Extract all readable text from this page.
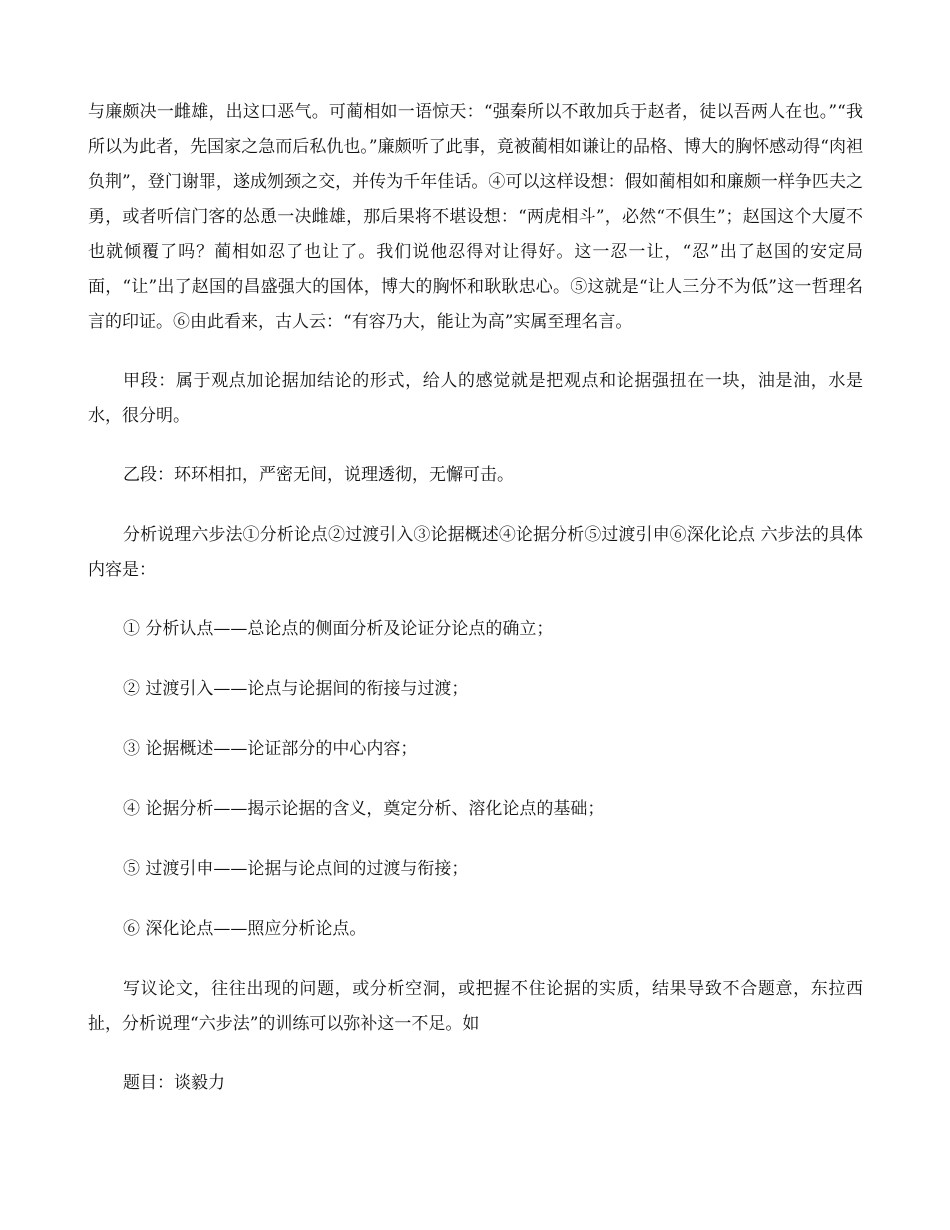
与廉颇决一雌雄，出这口恶气。可蔺相如一语惊天：“强秦所以不敢加兵于赵者，徒以吾两人在也。”“我所以为此者，先国家之急而后私仇也。”廉颇听了此事，竟被蔺相如谦让的品格、博大的胸怀感动得“肉袒负荆”，登门谢罪，遂成刎颈之交，并传为千年佳话。④可以这样设想：假如蔺相如和廉颇一样争匹夫之勇，或者听信门客的怂恿一决雌雄，那后果将不堪设想：“两虎相斗”，必然“不俱生”；赵国这个大厦不也就倾覆了吗？蔺相如忍了也让了。我们说他忍得对让得好。这一忍一让，“忍”出了赵国的安定局面，“让”出了赵国的昌盛强大的国体，博大的胸怀和耿耿忠心。⑤这就是“让人三分不为低”这一哲理名言的印证。⑥由此看来，古人云：“有容乃大，能让为高”实属至理名言。

甲段：属于观点加论据加结论的形式，给人的感觉就是把观点和论据强扭在一块，油是油，水是水，很分明。

乙段：环环相扣，严密无间，说理透彻，无懈可击。

分析说理六步法①分析论点②过渡引入③论据概述④论据分析⑤过渡引申⑥深化论点 六步法的具体内容是：

① 分析认点——总论点的侧面分析及论证分论点的确立；

② 过渡引入——论点与论据间的衔接与过渡；

③ 论据概述——论证部分的中心内容；

④ 论据分析——揭示论据的含义，奠定分析、溶化论点的基础；

⑤ 过渡引申——论据与论点间的过渡与衔接；

⑥ 深化论点——照应分析论点。

写议论文，往往出现的问题，或分析空洞，或把握不住论据的实质，结果导致不合题意，东拉西扯，分析说理“六步法”的训练可以弥补这一不足。如

题目：谈毅力
